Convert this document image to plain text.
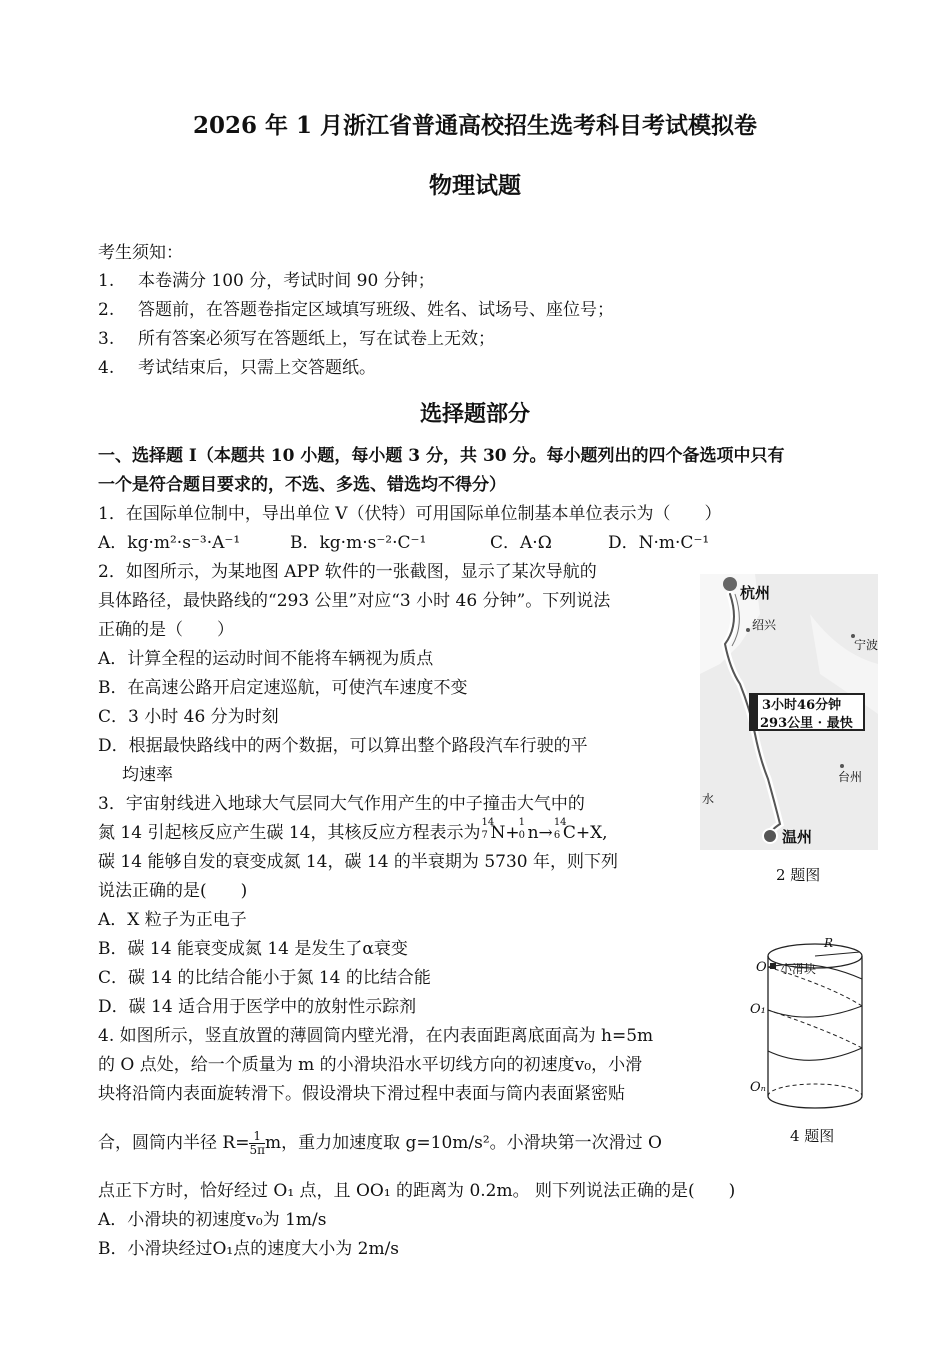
2026 年 1 月浙江省普通高校招生选考科目考试模拟卷
物理试题
考生须知：
1. 本卷满分 100 分，考试时间 90 分钟；
2. 答题前，在答题卷指定区域填写班级、姓名、试场号、座位号；
3. 所有答案必须写在答题纸上，写在试卷上无效；
4. 考试结束后，只需上交答题纸。
选择题部分
一、选择题 I（本题共 10 小题，每小题 3 分，共 30 分。每小题列出的四个备选项中只有
一个是符合题目要求的，不选、多选、错选均不得分）
1．在国际单位制中，导出单位 V（伏特）可用国际单位制基本单位表示为（　　）
A．kg·m²·s⁻³·A⁻¹	B．kg·m·s⁻²·C⁻¹	C．A·Ω	D．N·m·C⁻¹
2．如图所示，为某地图 APP 软件的一张截图，显示了某次导航的
具体路径，最快路线的“293 公里”对应“3 小时 46 分钟”。下列说法
正确的是（　　）
A．计算全程的运动时间不能将车辆视为质点
B．在高速公路开启定速巡航，可使汽车速度不变
C．3 小时 46 分为时刻
D．根据最快路线中的两个数据，可以算出整个路段汽车行驶的平
均速率
杭州
绍兴
宁波
3小时46分钟
293公里 · 最快
台州
水
温州
2 题图
3．宇宙射线进入地球大气层同大气作用产生的中子撞击大气中的
氮 14 引起核反应产生碳 14，其核反应方程表示为
14
7 N+
1
0 n→
14
6 C+X,
碳 14 能够自发的衰变成氮 14，碳 14 的半衰期为 5730 年，则下列
说法正确的是(　　)
A．X 粒子为正电子
B．碳 14 能衰变成氮 14 是发生了α衰变
C．碳 14 的比结合能小于氮 14 的比结合能
D．碳 14 适合用于医学中的放射性示踪剂
R
O 小滑块
O₁
Oₙ
4 题图
4. 如图所示，竖直放置的薄圆筒内壁光滑，在内表面距离底面高为 h=5m
的 O 点处，给一个质量为 m 的小滑块沿水平切线方向的初速度v₀，小滑
块将沿筒内表面旋转滑下。假设滑块下滑过程中表面与筒内表面紧密贴
合，圆筒内半径 $R= \frac{1}{5\pi}$ m，重力加速度取 g=10m/s²。小滑块第一次滑过 O
点正下方时，恰好经过 O₁ 点，且 OO₁ 的距离为 0.2m。 则下列说法正确的是(　　)
A．小滑块的初速度v₀为 1m/s
B．小滑块经过O₁点的速度大小为 2m/s
